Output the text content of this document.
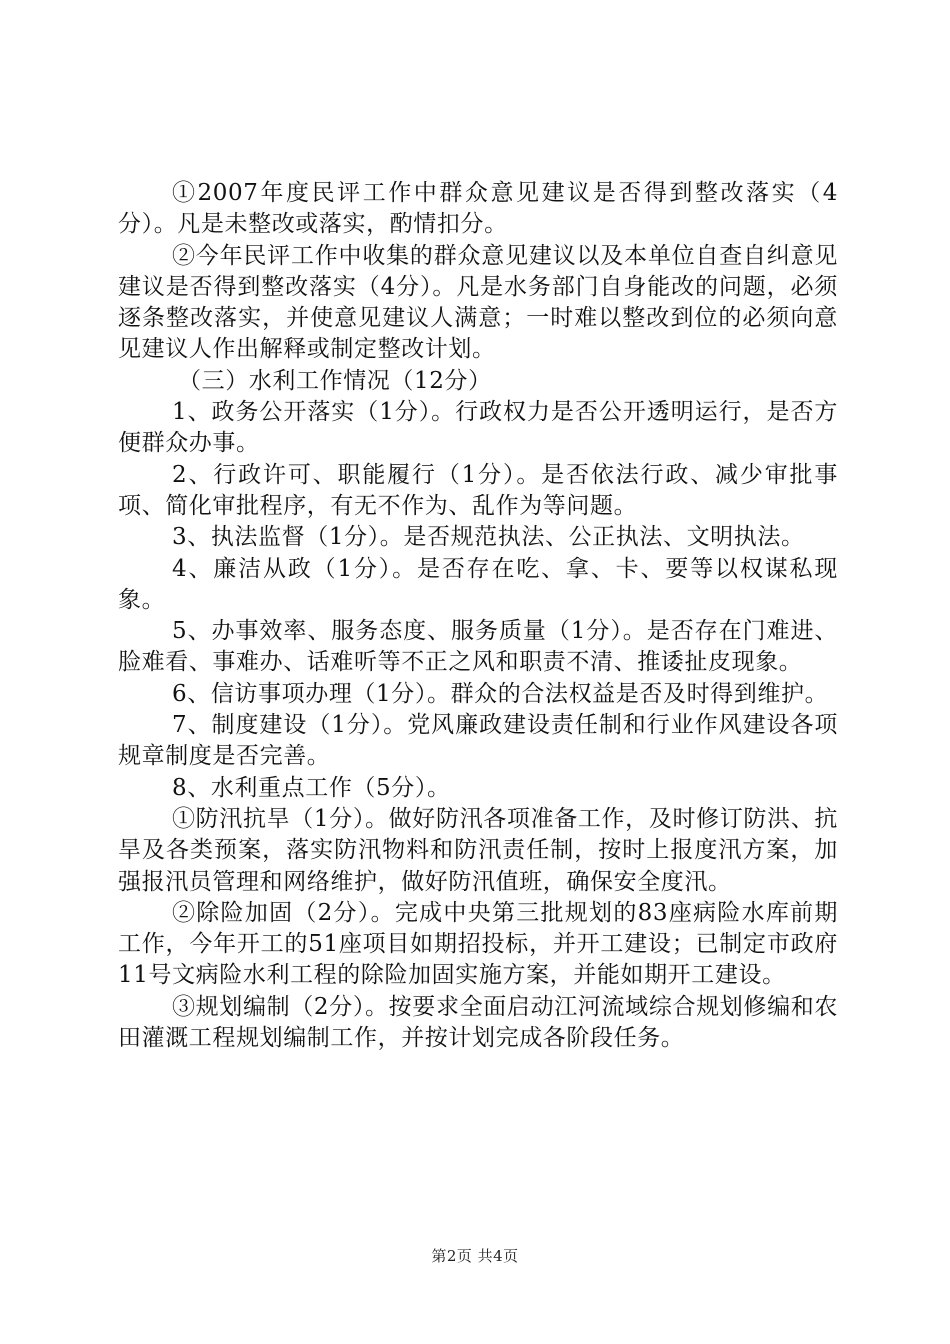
①2007年度民评工作中群众意见建议是否得到整改落实（4分）。凡是未整改或落实，酌情扣分。

②今年民评工作中收集的群众意见建议以及本单位自查自纠意见建议是否得到整改落实（4分）。凡是水务部门自身能改的问题，必须逐条整改落实，并使意见建议人满意；一时难以整改到位的必须向意见建议人作出解释或制定整改计划。

（三）水利工作情况（12分）

1、政务公开落实（1分）。行政权力是否公开透明运行，是否方便群众办事。

2、行政许可、职能履行（1分）。是否依法行政、减少审批事项、简化审批程序，有无不作为、乱作为等问题。

3、执法监督（1分）。是否规范执法、公正执法、文明执法。

4、廉洁从政（1分）。是否存在吃、拿、卡、要等以权谋私现象。

5、办事效率、服务态度、服务质量（1分）。是否存在门难进、脸难看、事难办、话难听等不正之风和职责不清、推诿扯皮现象。

6、信访事项办理（1分）。群众的合法权益是否及时得到维护。

7、制度建设（1分）。党风廉政建设责任制和行业作风建设各项规章制度是否完善。

8、水利重点工作（5分）。

①防汛抗旱（1分）。做好防汛各项准备工作，及时修订防洪、抗旱及各类预案，落实防汛物料和防汛责任制，按时上报度汛方案，加强报汛员管理和网络维护，做好防汛值班，确保安全度汛。

②除险加固（2分）。完成中央第三批规划的83座病险水库前期工作，今年开工的51座项目如期招投标，并开工建设；已制定市政府11号文病险水利工程的除险加固实施方案，并能如期开工建设。

③规划编制（2分）。按要求全面启动江河流域综合规划修编和农田灌溉工程规划编制工作，并按计划完成各阶段任务。

第2页 共4页
